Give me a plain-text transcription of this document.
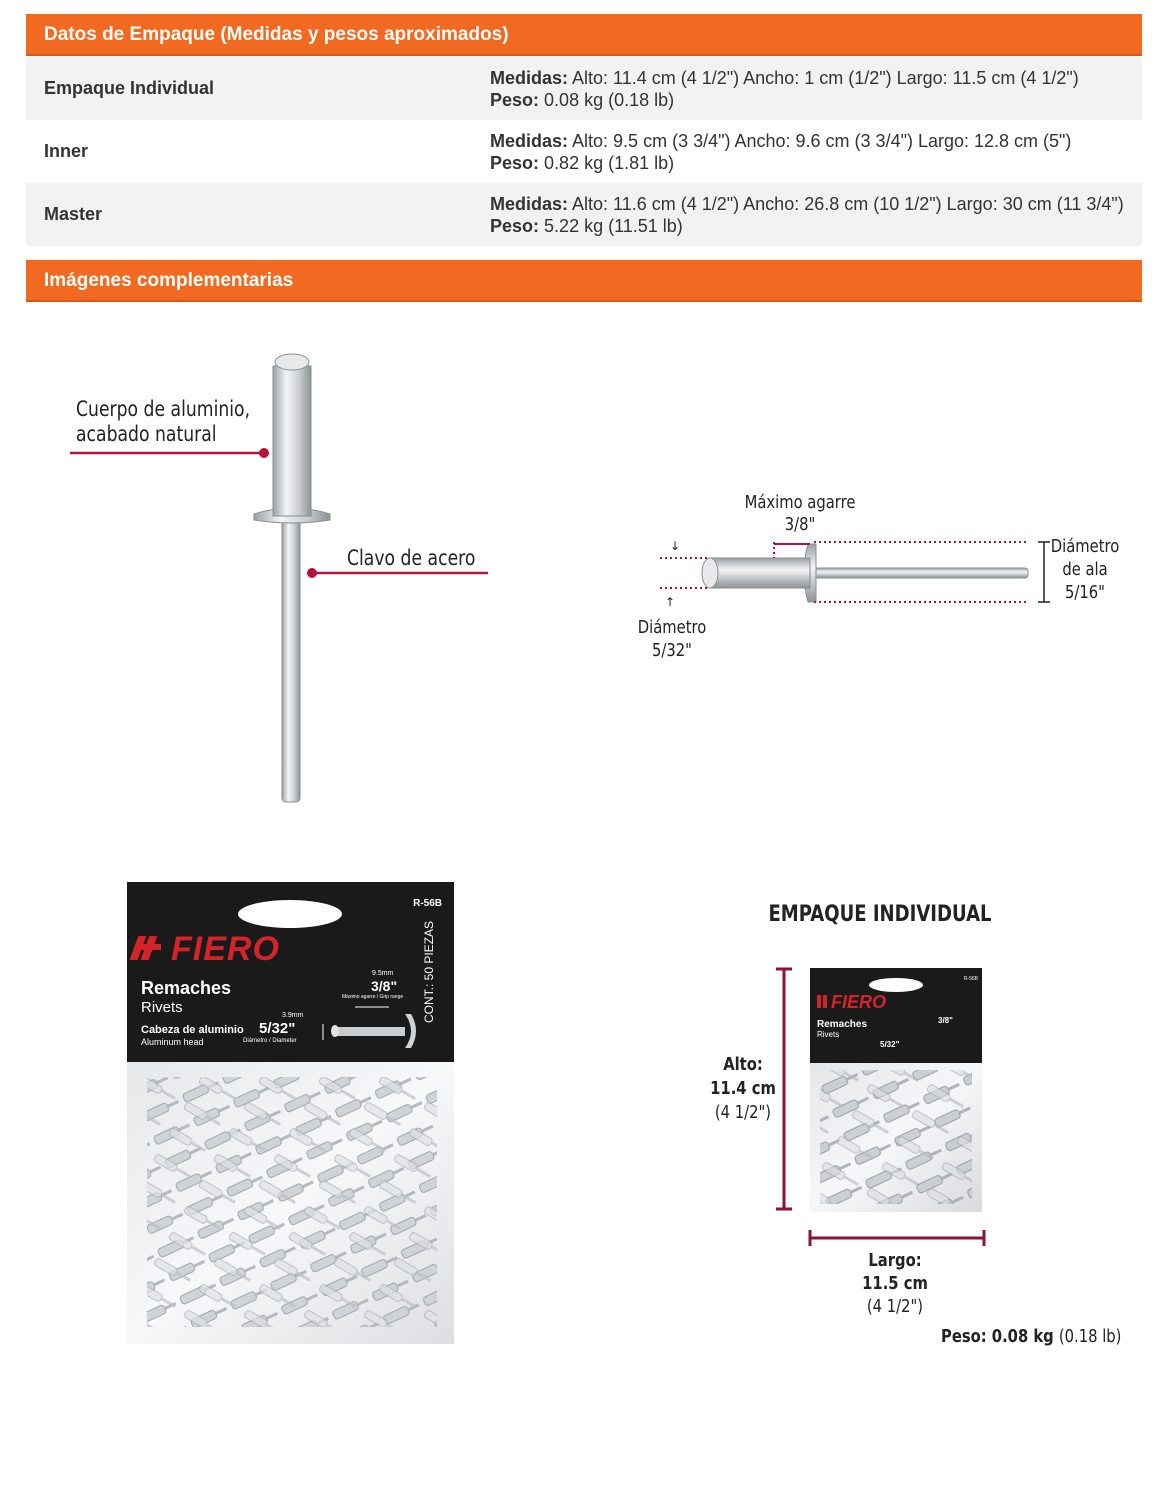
Datos de Empaque (Medidas y pesos aproximados)
Empaque Individual	Medidas: Alto: 11.4 cm (4 1/2") Ancho: 1 cm (1/2") Largo: 11.5 cm (4 1/2")
Peso: 0.08 kg (0.18 lb)
Inner	Medidas: Alto: 9.5 cm (3 3/4") Ancho: 9.6 cm (3 3/4") Largo: 12.8 cm (5")
Peso: 0.82 kg (1.81 lb)
Master	Medidas: Alto: 11.6 cm (4 1/2") Ancho: 26.8 cm (10 1/2") Largo: 30 cm (11 3/4") Peso: 5.22 kg (11.51 lb)
Imágenes complementarias
Cuerpo de aluminio,
acabado natural
Clavo de acero	↓
↑
Máximo agarre
3/8"
Diámetro
de ala
5/16"
Diámetro
5/32"
R-56B
FIERO
Remaches
Rivets
Cabeza de aluminio
Aluminum head
9.5mm
3/8"
Máximo agarre / Grip range
3.9mm
5/32"
Diámetro / Diameter
CONT.: 50 PIEZAS
EMPAQUE INDIVIDUAL
FIERO
Remaches
Rivets
3/8"
5/32"
R-56B
Alto:
11.4 cm
(4 1/2")
Largo:
11.5 cm
(4 1/2")
Peso: 0.08 kg (0.18 lb)
